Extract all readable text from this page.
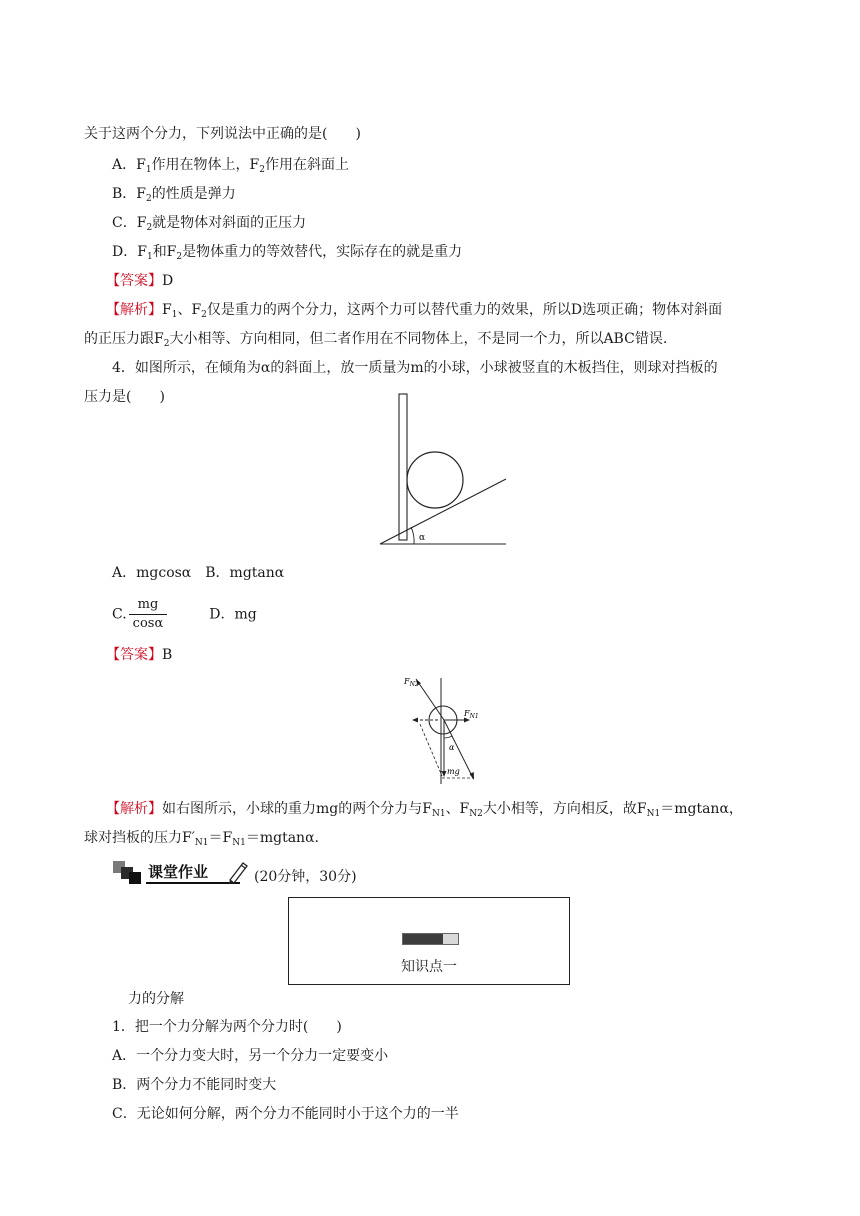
关于这两个分力，下列说法中正确的是(　　)
A．$F_1$作用在物体上，$F_2$作用在斜面上
B．$F_2$的性质是弹力
C．$F_2$就是物体对斜面的正压力
D．$F_1$和$F_2$是物体重力的等效替代，实际存在的就是重力
【答案】D
【解析】$F_1$、$F_2$仅是重力的两个分力，这两个力可以替代重力的效果，所以D选项正确；物体对斜面
的正压力跟$F_2$大小相等、方向相同，但二者作用在不同物体上，不是同一个力，所以ABC错误.
4．如图所示，在倾角为α的斜面上，放一质量为m的小球，小球被竖直的木板挡住，则球对挡板的
压力是(　　)
α
A．mgcosα　B．mgtanα
C. $\frac{mg}{\cos\alpha}$	D．mg
【答案】B
$F_{N2}$
$F_{N1}$
α
mg
【解析】如右图所示，小球的重力mg的两个分力与$F_{N1}$、$F_{N2}$大小相等，方向相反，故$F_{N1}=mgtan\alpha$，
球对挡板的压力$F'_{N1}=F_{N1}=mgtan\alpha$.
课堂作业	(20分钟，30分)
知识点一
力的分解
1．把一个力分解为两个分力时(　　)
A．一个分力变大时，另一个分力一定要变小
B．两个分力不能同时变大
C．无论如何分解，两个分力不能同时小于这个力的一半
